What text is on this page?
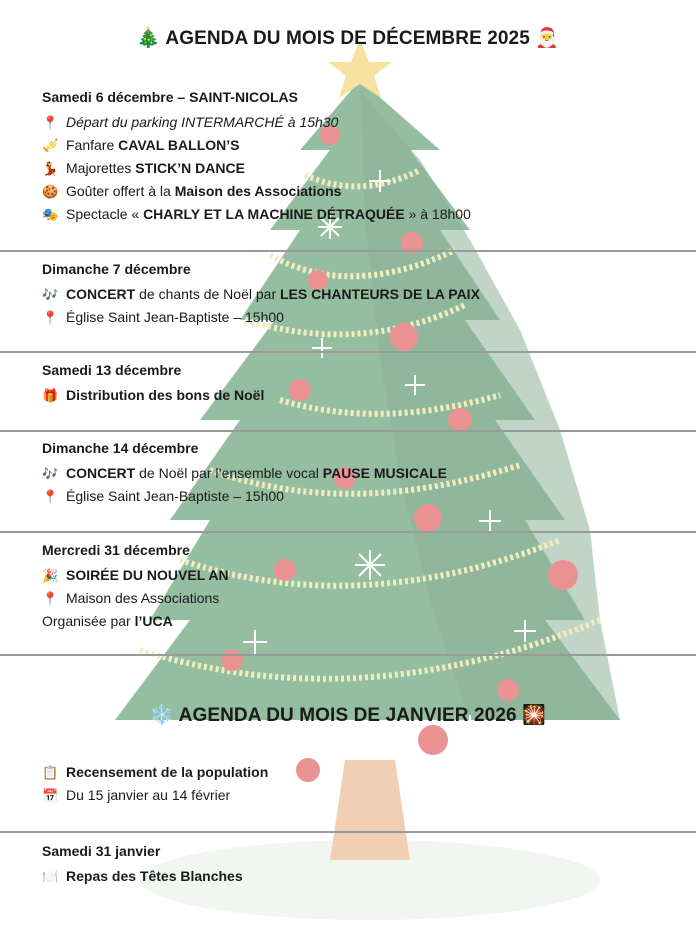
🎄 AGENDA DU MOIS DE DÉCEMBRE 2025 🎅
Samedi 6 décembre – SAINT-NICOLAS
📍 Départ du parking INTERMARCHÉ à 15h30
🎺 Fanfare CAVAL BALLON’S
💃 Majorettes STICK’N DANCE
🍪 Goûter offert à la Maison des Associations
🎭 Spectacle « CHARLY ET LA MACHINE DÉTRAQUÉE » à 18h00
Dimanche 7 décembre
🎶 CONCERT de chants de Noël par LES CHANTEURS DE LA PAIX
📍 Église Saint Jean-Baptiste – 15h00
Samedi 13 décembre
🎁 Distribution des bons de Noël
Dimanche 14 décembre
🎶 CONCERT de Noël par l’ensemble vocal PAUSE MUSICALE
📍 Église Saint Jean-Baptiste – 15h00
Mercredi 31 décembre
🎉 SOIRÉE DU NOUVEL AN
📍 Maison des Associations
Organisée par l’UCA
❄️ AGENDA DU MOIS DE JANVIER 2026 🎇
📋 Recensement de la population
📅 Du 15 janvier au 14 février
Samedi 31 janvier
🍽️ Repas des Têtes Blanches
